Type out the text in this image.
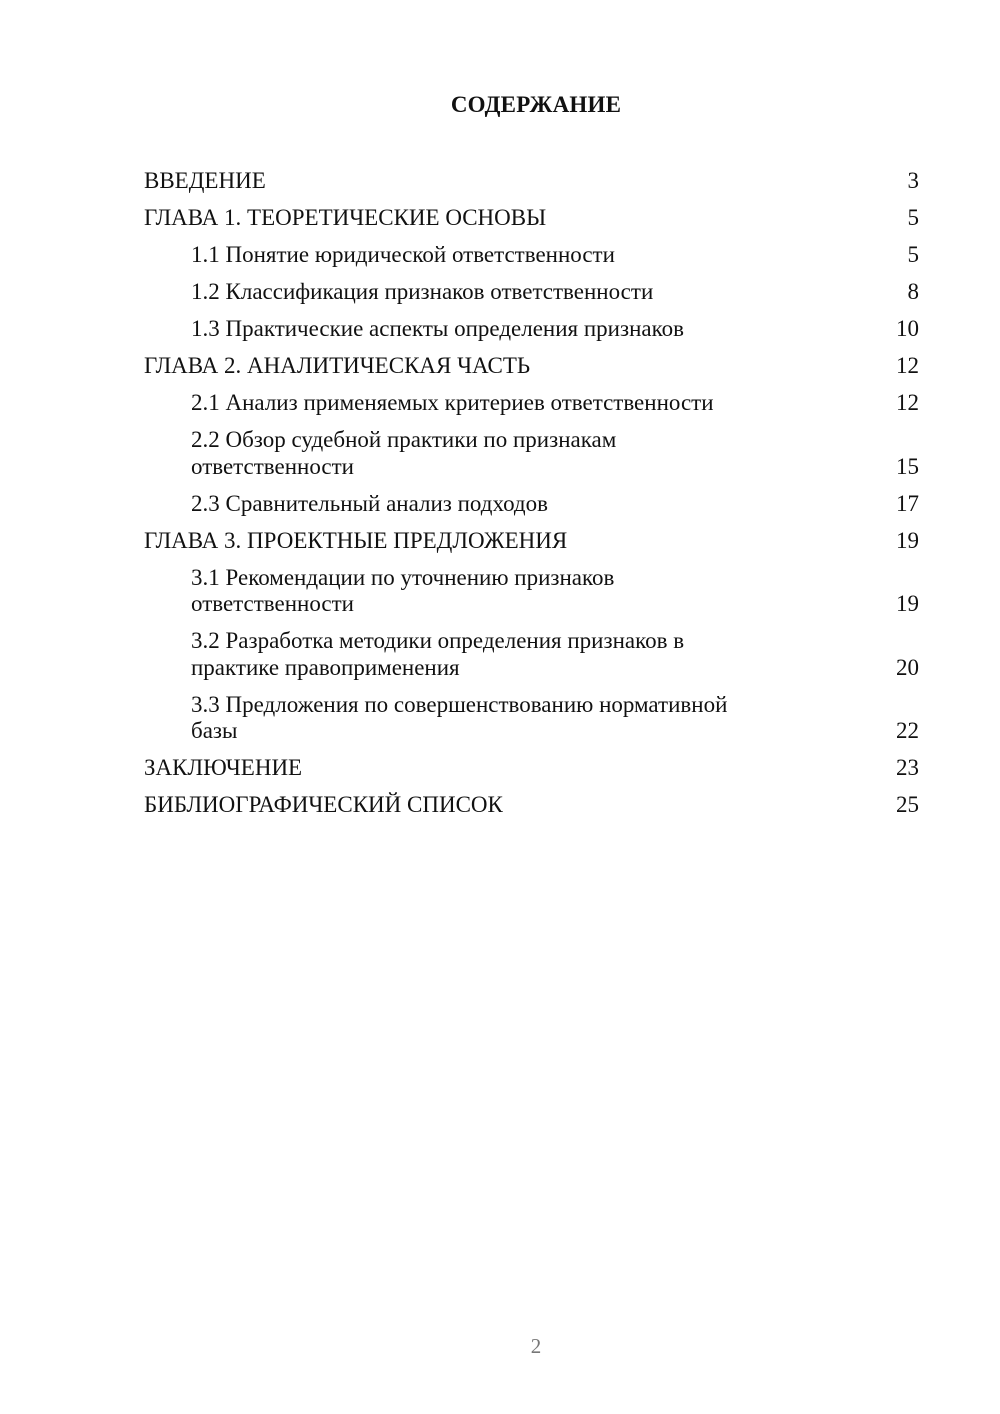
СОДЕРЖАНИЕ
ВВЕДЕНИЕ	3
ГЛАВА 1. ТЕОРЕТИЧЕСКИЕ ОСНОВЫ	5
1.1 Понятие юридической ответственности	5
1.2 Классификация признаков ответственности	8
1.3 Практические аспекты определения признаков	10
ГЛАВА 2. АНАЛИТИЧЕСКАЯ ЧАСТЬ	12
2.1 Анализ применяемых критериев ответственности	12
2.2 Обзор судебной практики по признакам
ответственности	15
2.3 Сравнительный анализ подходов	17
ГЛАВА 3. ПРОЕКТНЫЕ ПРЕДЛОЖЕНИЯ	19
3.1 Рекомендации по уточнению признаков
ответственности	19
3.2 Разработка методики определения признаков в
практике правоприменения	20
3.3 Предложения по совершенствованию нормативной
базы	22
ЗАКЛЮЧЕНИЕ	23
БИБЛИОГРАФИЧЕСКИЙ СПИСОК	25
2
